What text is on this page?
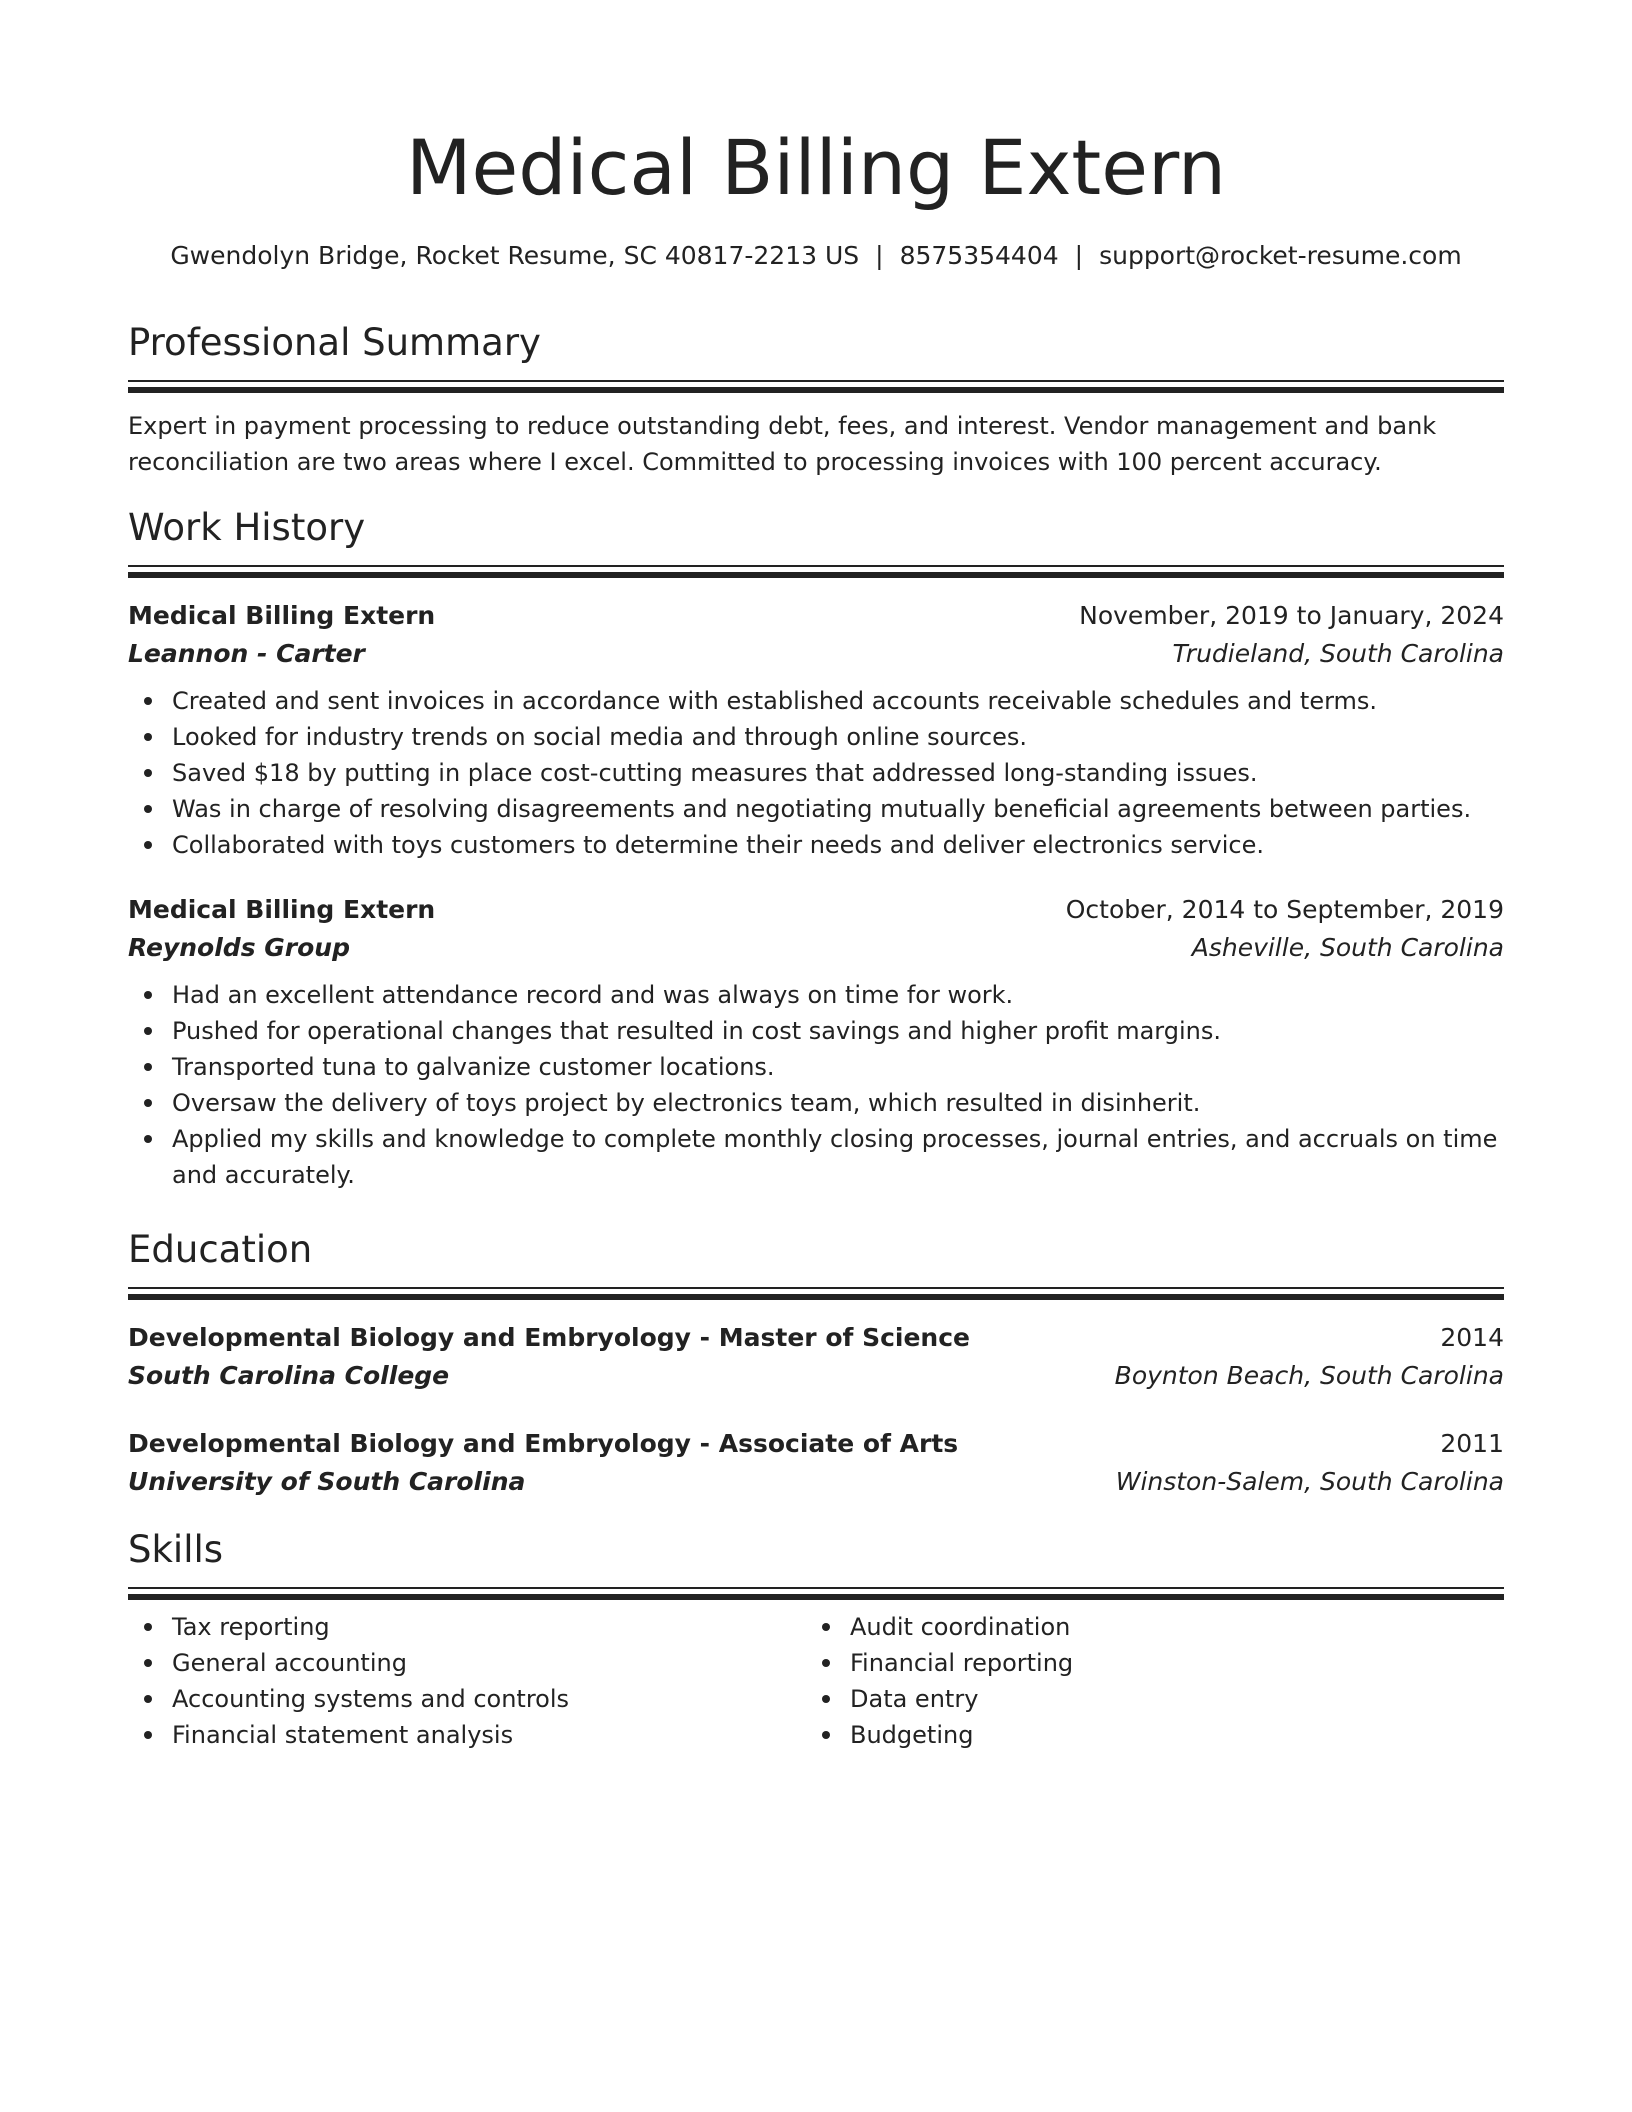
Medical Billing Extern
Gwendolyn Bridge, Rocket Resume, SC 40817-2213 US | 8575354404 | support@rocket-resume.com
Professional Summary
Expert in payment processing to reduce outstanding debt, fees, and interest. Vendor management and bank reconciliation are two areas where I excel. Committed to processing invoices with 100 percent accuracy.
Work History
Medical Billing Extern	November, 2019 to January, 2024
Leannon - Carter	Trudieland, South Carolina
Created and sent invoices in accordance with established accounts receivable schedules and terms.
Looked for industry trends on social media and through online sources.
Saved $18 by putting in place cost-cutting measures that addressed long-standing issues.
Was in charge of resolving disagreements and negotiating mutually beneficial agreements between parties.
Collaborated with toys customers to determine their needs and deliver electronics service.
Medical Billing Extern	October, 2014 to September, 2019
Reynolds Group	Asheville, South Carolina
Had an excellent attendance record and was always on time for work.
Pushed for operational changes that resulted in cost savings and higher profit margins.
Transported tuna to galvanize customer locations.
Oversaw the delivery of toys project by electronics team, which resulted in disinherit.
Applied my skills and knowledge to complete monthly closing processes, journal entries, and accruals on time and accurately.
Education
Developmental Biology and Embryology - Master of Science	2014
South Carolina College	Boynton Beach, South Carolina
Developmental Biology and Embryology - Associate of Arts	2011
University of South Carolina	Winston-Salem, South Carolina
Skills
Tax reporting
General accounting
Accounting systems and controls
Financial statement analysis
Audit coordination
Financial reporting
Data entry
Budgeting
